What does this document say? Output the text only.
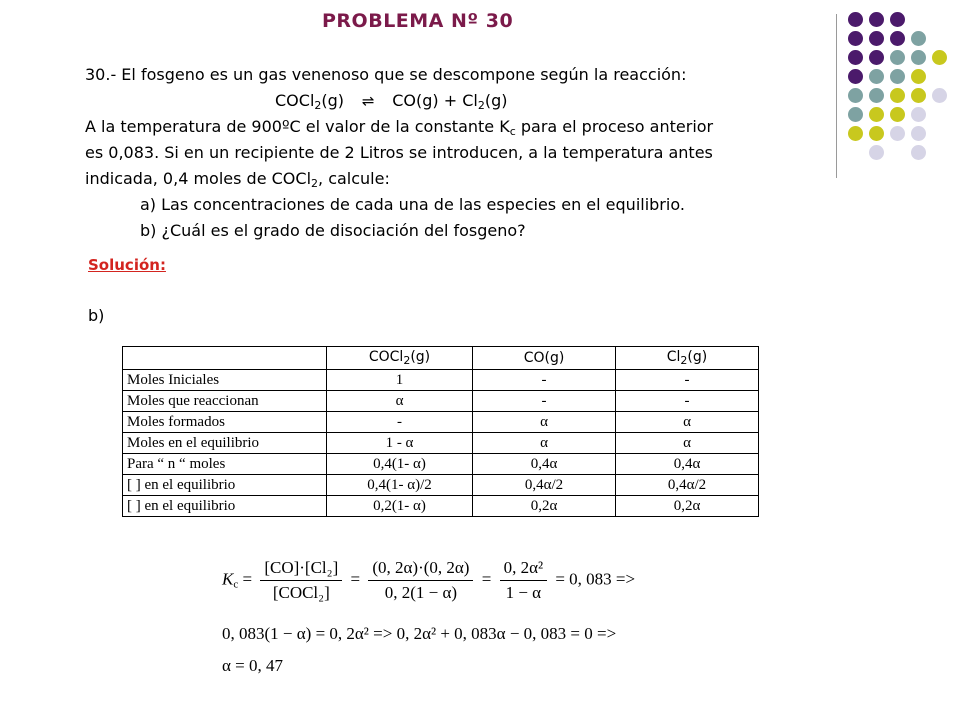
PROBLEMA Nº 30
30.- El fosgeno es un gas venenoso que se descompone según la reacción:
COCl$_2$(g) ⇌ $CO(g) + Cl_2(g)$
A la temperatura de 900ºC el valor de la constante $K_c$ para el proceso anterior
es 0,083. Si en un recipiente de 2 Litros se introducen, a la temperatura antes
indicada, 0,4 moles de COCl$_2$, calcule:
a) Las concentraciones de cada una de las especies en el equilibrio.
b) ¿Cuál es el grado de disociación del fosgeno?
Solución:
b)
	COCl$_2$(g)	CO(g)	$Cl_2(g)$
Moles Iniciales	1	-	-
Moles que reaccionan	α	-	-
Moles formados	-	α	α
Moles en el equilibrio	1 - α	α	α
Para “ n “ moles	0,4(1- α)	0,4α	0,4α
[ ] en el equilibrio	0,4(1- α)/2	0,4α/2	0,4α/2
[ ] en el equilibrio	0,2(1- α)	0,2α	0,2α
$K_c = \frac{\text{[CO]·[Cl₂]}}{\text{[COCl₂]}} = \frac{(0, 2\alpha)\cdot(0, 2\alpha)}{0, 2(1 - \alpha)} = \frac{\text{0, 2α²}}{1 - \alpha} = 0$, 083 =>
0, 083(1 − α) = 0, 2α² => 0, 2α² + 0, 083α − 0, 083 = 0 =>
α = 0, 47
